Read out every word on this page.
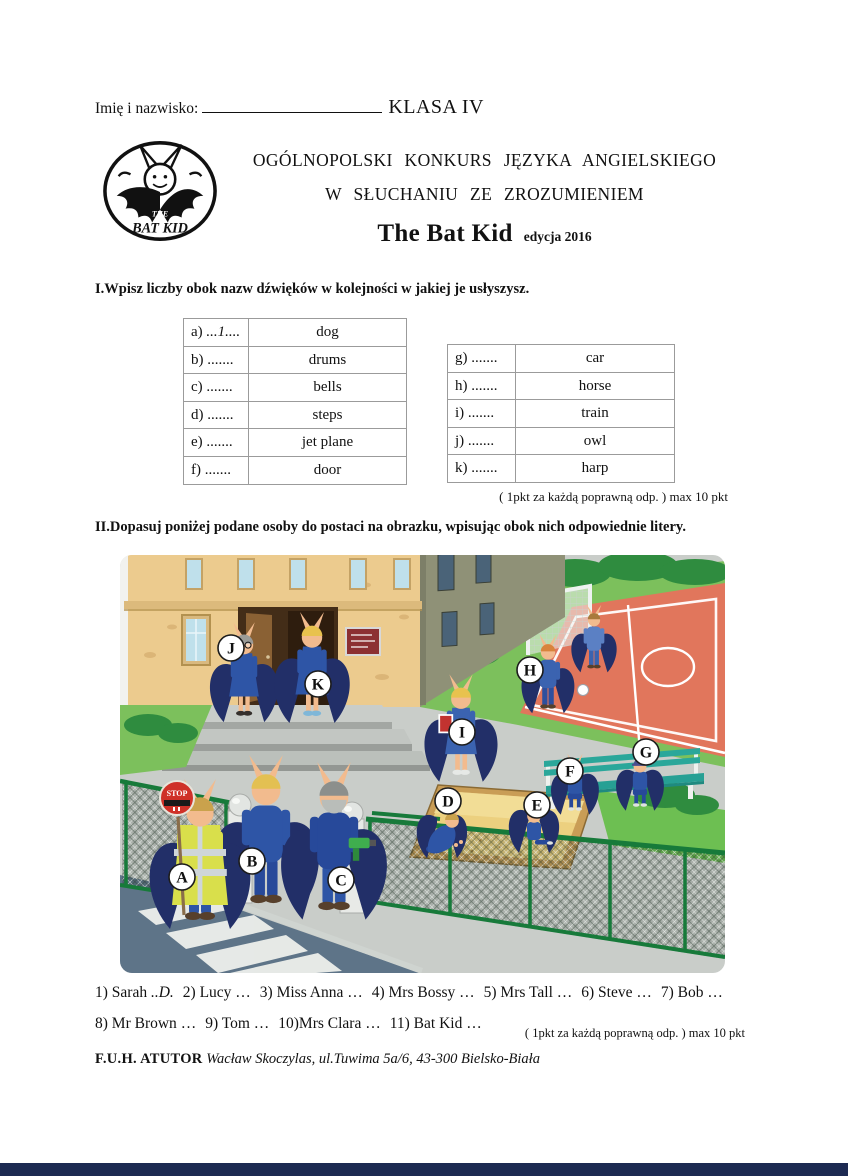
Imię i nazwisko:	KLASA IV
THE
BAT KID
OGÓLNOPOLSKI KONKURS JĘZYKA ANGIELSKIEGO
W SŁUCHANIU ZE ZROZUMIENIEM
The Bat Kid edycja 2016
I.Wpisz liczby obok nazw dźwięków w kolejności w jakiej je usłyszysz.
a) ...1....	dog
b) .......	drums
c) .......	bells
d) .......	steps
e) .......	jet plane
f) .......	door
g) .......	car
h) .......	horse
i) .......	train
j) .......	owl
k) .......	harp
( 1pkt za każdą poprawną odp. ) max 10 pkt
II.Dopasuj poniżej podane osoby do postaci na obrazku, wpisując obok nich odpowiednie litery.
STOP
A
B
C
D	E
F
G
H
I
J
K
1) Sarah ..D. 2) Lucy … 3) Miss Anna … 4) Mrs Bossy … 5) Mrs Tall … 6) Steve … 7) Bob …
8) Mr Brown … 9) Tom … 10)Mrs Clara … 11) Bat Kid …
( 1pkt za każdą poprawną odp. ) max 10 pkt
F.U.H. ATUTOR Wacław Skoczylas, ul.Tuwima 5a/6, 43-300 Bielsko-Biała
